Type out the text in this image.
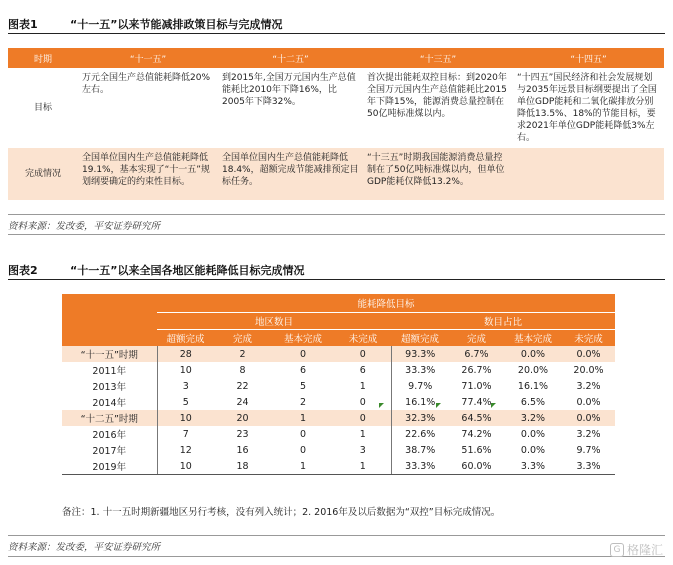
图表1	“十一五”以来节能减排政策目标与完成情况
时期	“十一五”	“十二五”	“十三五”	“十四五”
目标	万元全国生产总值能耗降低20%左右。	到2015年,全国万元国内生产总值能耗比2010年下降16%，比2005年下降32%。	首次提出能耗双控目标：到2020年全国万元国内生产总值能耗比2015年下降15%，能源消费总量控制在50亿吨标准煤以内。	“十四五”国民经济和社会发展规划与2035年远景目标纲要提出了全国单位GDP能耗和二氧化碳排放分别降低13.5%、18%的节能目标，要求2021年单位GDP能耗降低3%左右。
完成情况	全国单位国内生产总值能耗降低19.1%，基本实现了“十一五”规划纲要确定的约束性目标。	全国单位国内生产总值能耗降低18.4%，超额完成节能减排预定目标任务。	“十三五”时期我国能源消费总量控制在了50亿吨标准煤以内，但单位GDP能耗仅降低13.2%。	
资料来源：发改委，平安证券研究所
图表2	“十一五”以来全国各地区能耗降低目标完成情况
	能耗降低目标							
	地区数目				数目占比			
	超额完成	完成	基本完成	未完成	超额完成	完成	基本完成	未完成
“十一五”时期	28	2	0	0	93.3%	6.7%	0.0%	0.0%
2011年	10	8	6	6	33.3%	26.7%	20.0%	20.0%
2013年	3	22	5	1	9.7%	71.0%	16.1%	3.2%
2014年	5	24	2	0	16.1%	77.4%	6.5%	0.0%
“十二五”时期	10	20	1	0	32.3%	64.5%	3.2%	0.0%
2016年	7	23	0	1	22.6%	74.2%	0.0%	3.2%
2017年	12	16	0	3	38.7%	51.6%	0.0%	9.7%
2019年	10	18	1	1	33.3%	60.0%	3.3%	3.3%
备注：1. 十一五时期新疆地区另行考核，没有列入统计；2. 2016年及以后数据为“双控”目标完成情况。
资料来源：发改委，平安证券研究所	G 格隆汇
